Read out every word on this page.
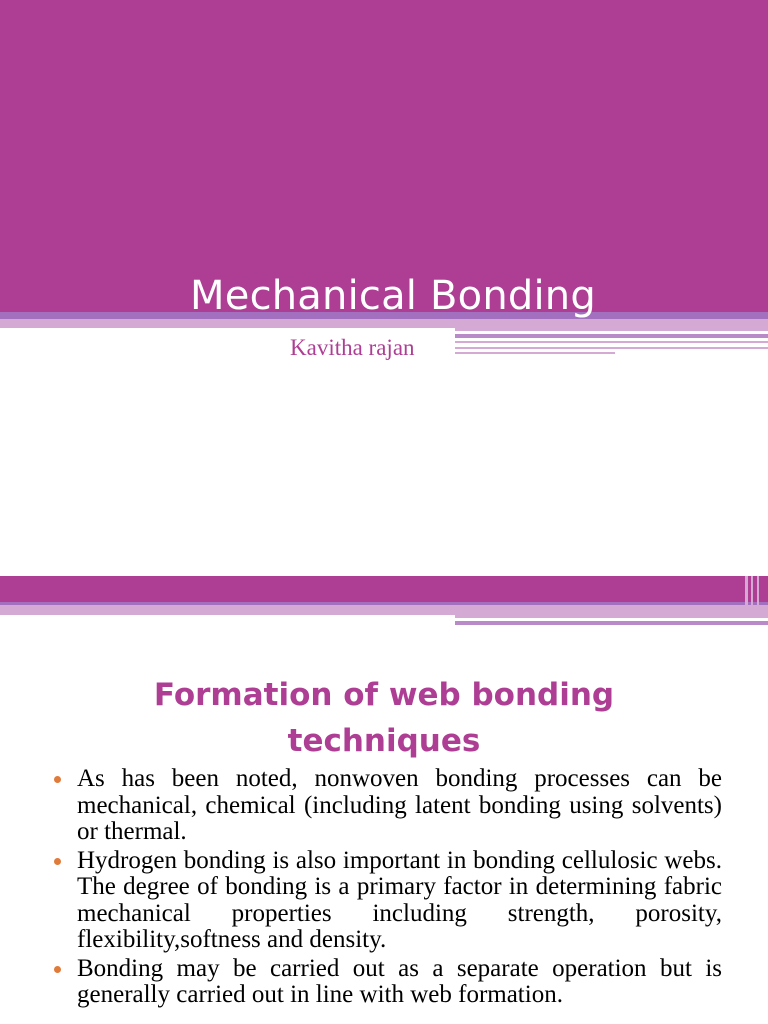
Mechanical Bonding
Kavitha rajan
Formation of web bonding
techniques
As has been noted, nonwoven bonding processes can be mechanical, chemical (including latent bonding using solvents) or thermal.
Hydrogen bonding is also important in bonding cellulosic webs. The degree of bonding is a primary factor in determining fabric mechanical properties including strength, porosity, flexibility,softness and density.
Bonding may be carried out as a separate operation but is generally carried out in line with web formation.
